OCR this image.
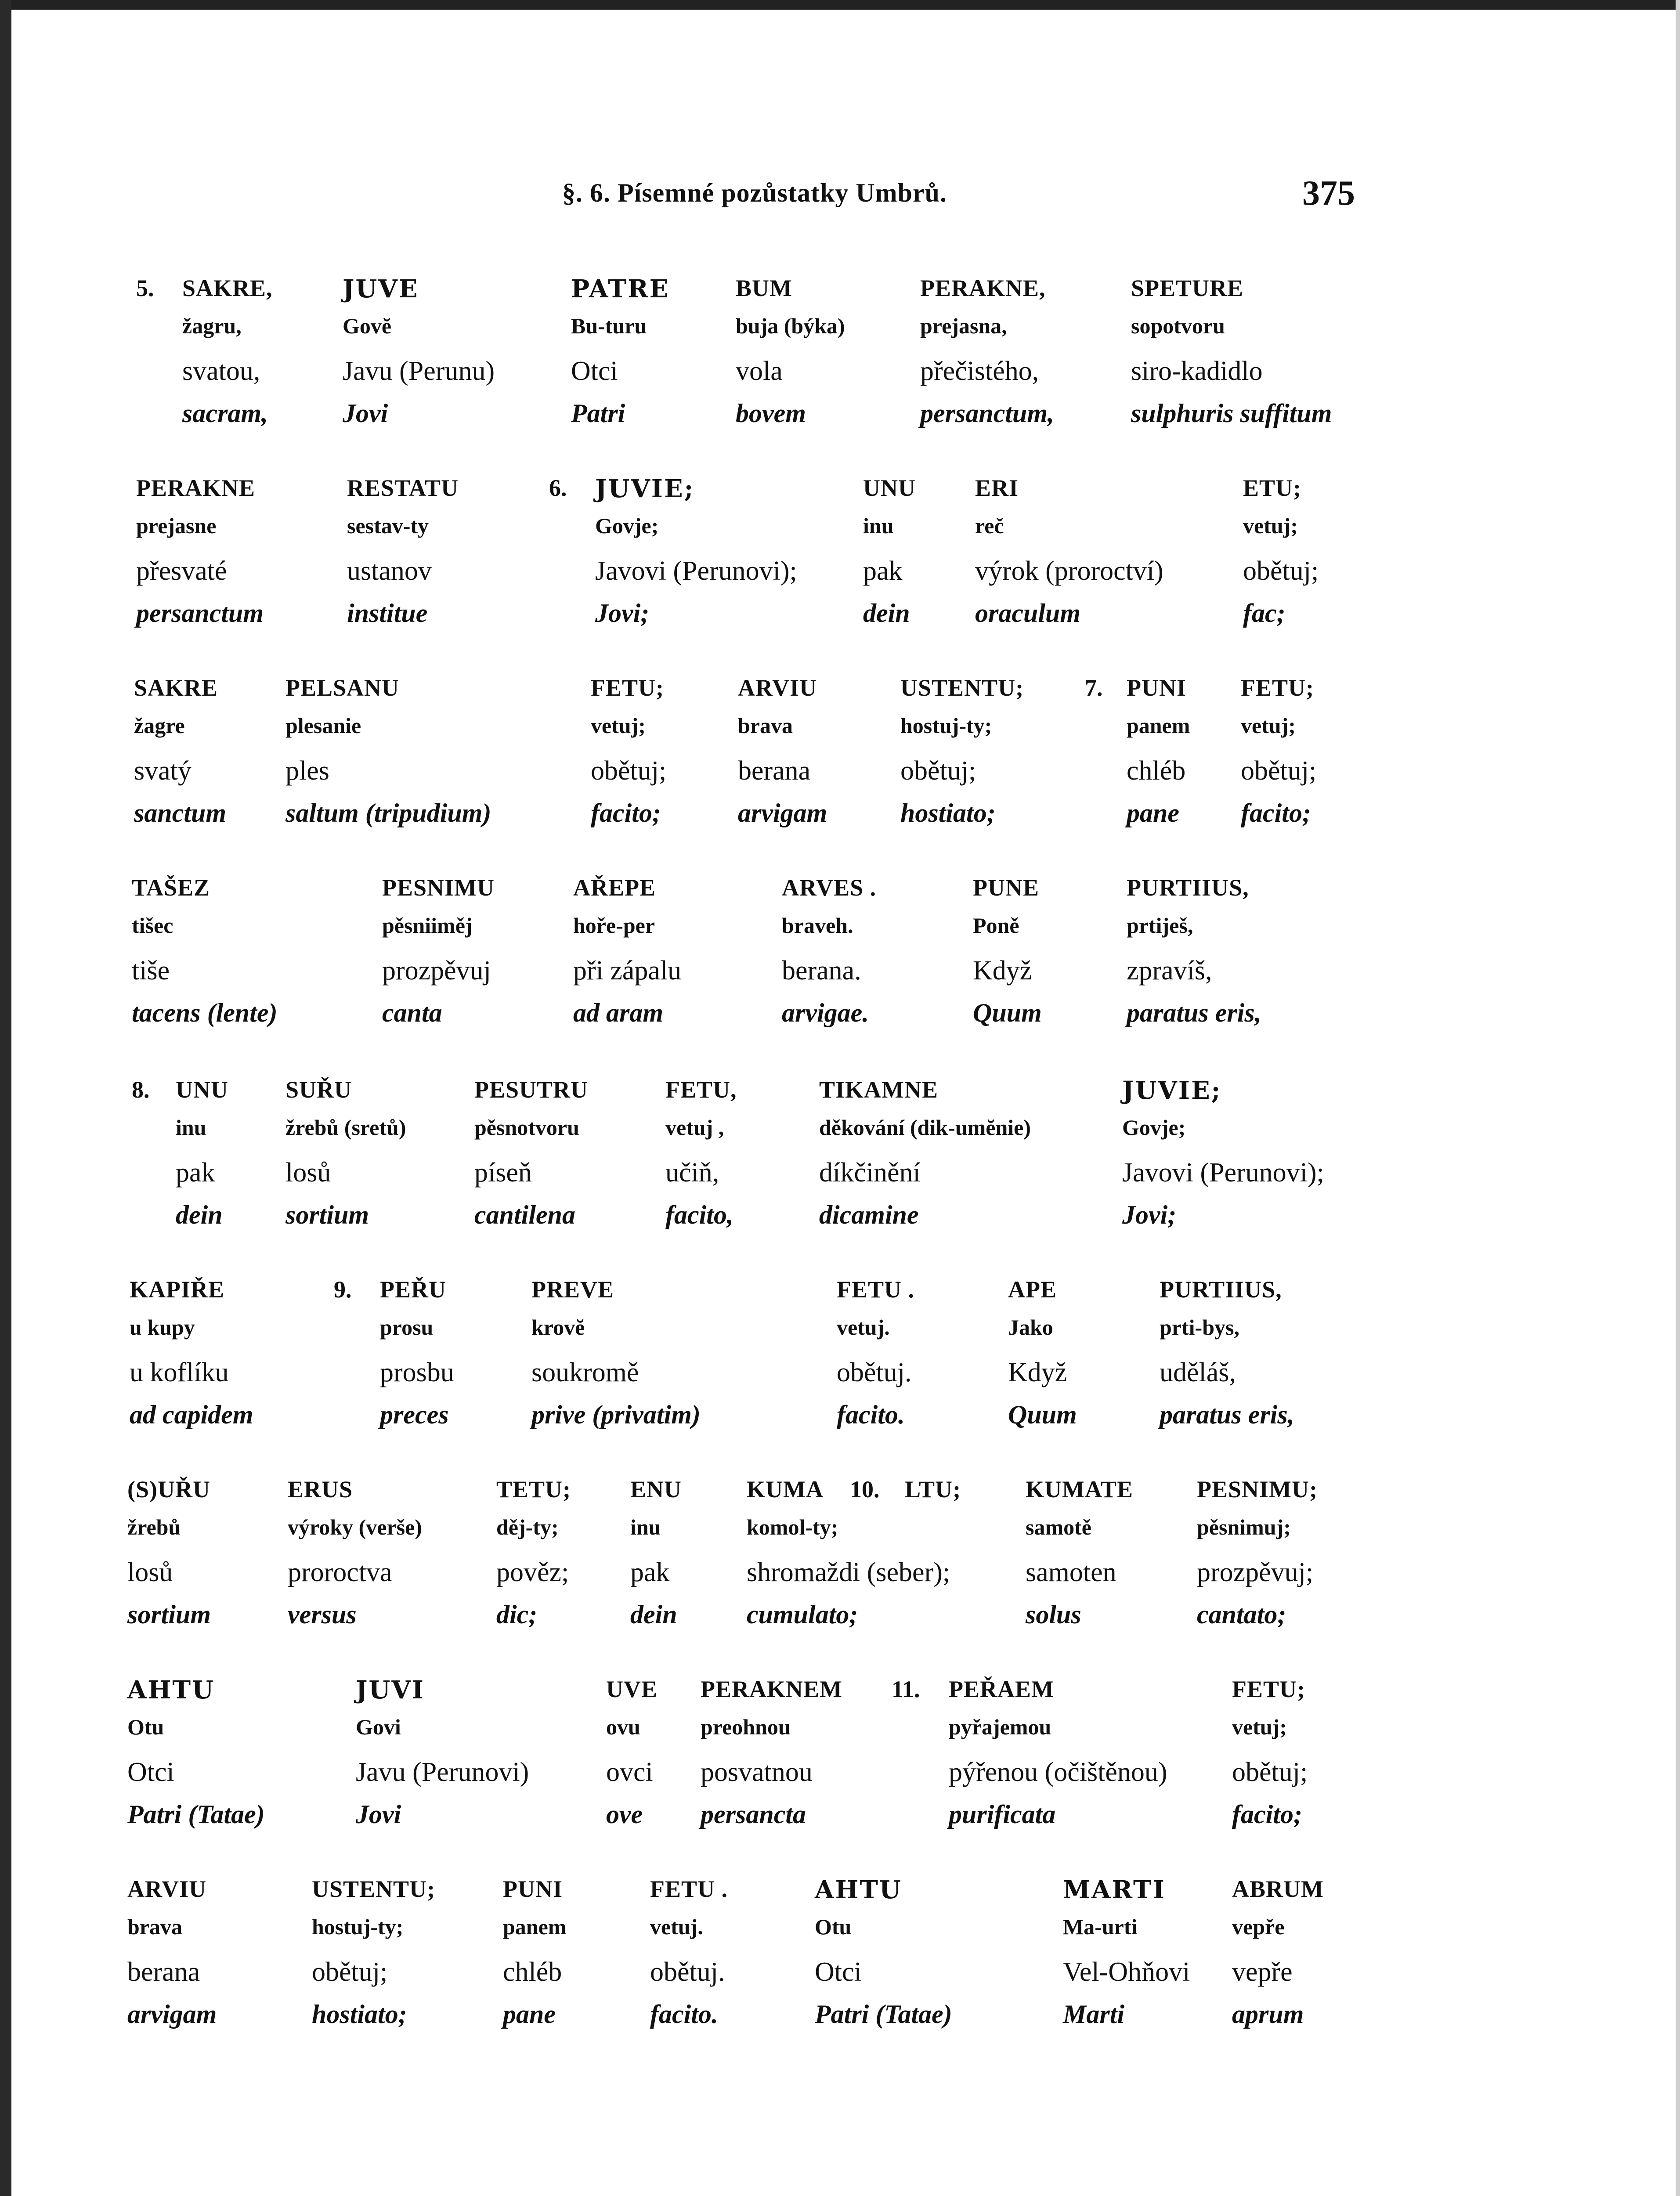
§. 6. Písemné pozůstatky Umbrů.	375
5. SAKRE,
žagru,
svatou,
sacram,
JUVE
Govĕ
Javu (Perunu)
Jovi
PATRE
Bu-turu
Otci
Patri
BUM
buja (býka)
vola
bovem
PERAKNE,
prejasna,
přečistého,
persanctum,
SPETURE
sopotvoru
siro-kadidlo
sulphuris suffitum
6.
PERAKNE
prejasne
přesvaté
persanctum
RESTATU
sestav-ty
ustanov
institue
JUVIE;
Govje;
Javovi (Perunovi);
Jovi;
UNU
inu
pak
dein
ERI
reč
výrok (proroctví)
oraculum
ETU;
vetuj;
obětuj;
fac;
7.
SAKRE
žagre
svatý
sanctum
PELSANU
plesanie
ples
saltum (tripudium)
FETU;
vetuj;
obětuj;
facito;
ARVIU
brava
berana
arvigam
USTENTU;
hostuj-ty;
obětuj;
hostiato;
PUNI
panem
chléb
pane
FETU;
vetuj;
obětuj;
facito;
TAŠEZ
tišec
tiše
tacens (lente)
PESNIMU
pěsniiměj
prozpěvuj
canta
AŘEPE
hoře-per
při zápalu
ad aram
ARVES .
braveh.
berana.
arvigae.
PUNE
Poně
Když
Quum
PURTIIUS,
prtiješ,
zpravíš,
paratus eris,
8. UNU
inu
pak
dein
SUŘU
žrebů (sretů)
losů
sortium
PESUTRU
pěsnotvoru
píseň
cantilena
FETU,
vetuj ,
učiň,
facito,
TIKAMNE
děkování (dik-umĕnie)
díkčinění
dicamine
JUVIE;
Govje;
Javovi (Perunovi);
Jovi;
9.
KAPIŘE
u kupy
u koflíku
ad capidem
PEŘU
prosu
prosbu
preces
PREVE
krovĕ
soukromě
prive (privatim)
FETU .
vetuj.
obětuj.
facito.
APE
Jako
Když
Quum
PURTIIUS,
prti-bys,
uděláš,
paratus eris,
10.
(S)UŘU
žrebů
losů
sortium
ERUS
výroky (verše)
proroctva
versus
TETU;
děj-ty;
pověz;
dic;
ENU
inu
pak
dein
KUMA
komol-ty;
shromaždi (seber);
cumulato;
LTU;	KUMATE
samotě
samoten
solus
PESNIMU;
pěsnimuj;
prozpěvuj;
cantato;
11.
AHTU
Otu
Otci
Patri (Tatae)
JUVI
Govi
Javu (Perunovi)
Jovi
UVE
ovu
ovci
ove
PERAKNEM
preohnou
posvatnou
persancta
PEŘAEM
pyřajemou
pýřenou (očištěnou)
purificata
FETU;
vetuj;
obětuj;
facito;
ARVIU
brava
berana
arvigam
USTENTU;
hostuj-ty;
obětuj;
hostiato;
PUNI
panem
chléb
pane
FETU .
vetuj.
obětuj.
facito.
AHTU
Otu
Otci
Patri (Tatae)
MARTI
Ma-urti
Vel-Ohňovi
Marti
ABRUM
vepře
vepře
aprum
